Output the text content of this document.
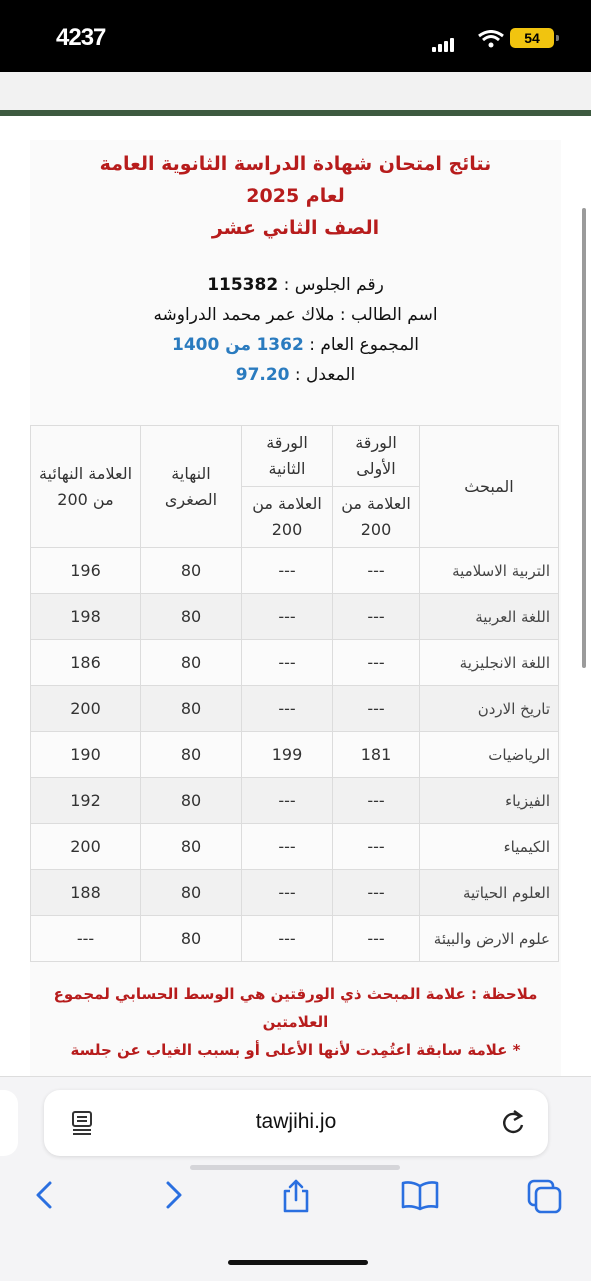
4237	54
نتائج امتحان شهادة الدراسة الثانوية العامة
لعام 2025
الصف الثاني عشر
رقم الجلوس : 115382
اسم الطالب : ملاك عمر محمد الدراوشه
المجموع العام : 1362 من 1400
المعدل : 97.20
المبحث	الورقة الأولى	الورقة الثانية	النهاية الصغرى	العلامة النهائية من 200
	العلامة من 200	العلامة من 200		
التربية الاسلامية	---	---	80	196
اللغة العربية	---	---	80	198
اللغة الانجليزية	---	---	80	186
تاريخ الاردن	---	---	80	200
الرياضيات	181	199	80	190
الفيزياء	---	---	80	192
الكيمياء	---	---	80	200
العلوم الحياتية	---	---	80	188
علوم الارض والبيئة	---	---	80	---
ملاحظة : علامة المبحث ذي الورقتين هي الوسط الحسابي لمجموع العلامتين
* علامة سابقة اعتُمِدت لأنها الأعلى أو بسبب الغياب عن جلسة
tawjihi.jo
